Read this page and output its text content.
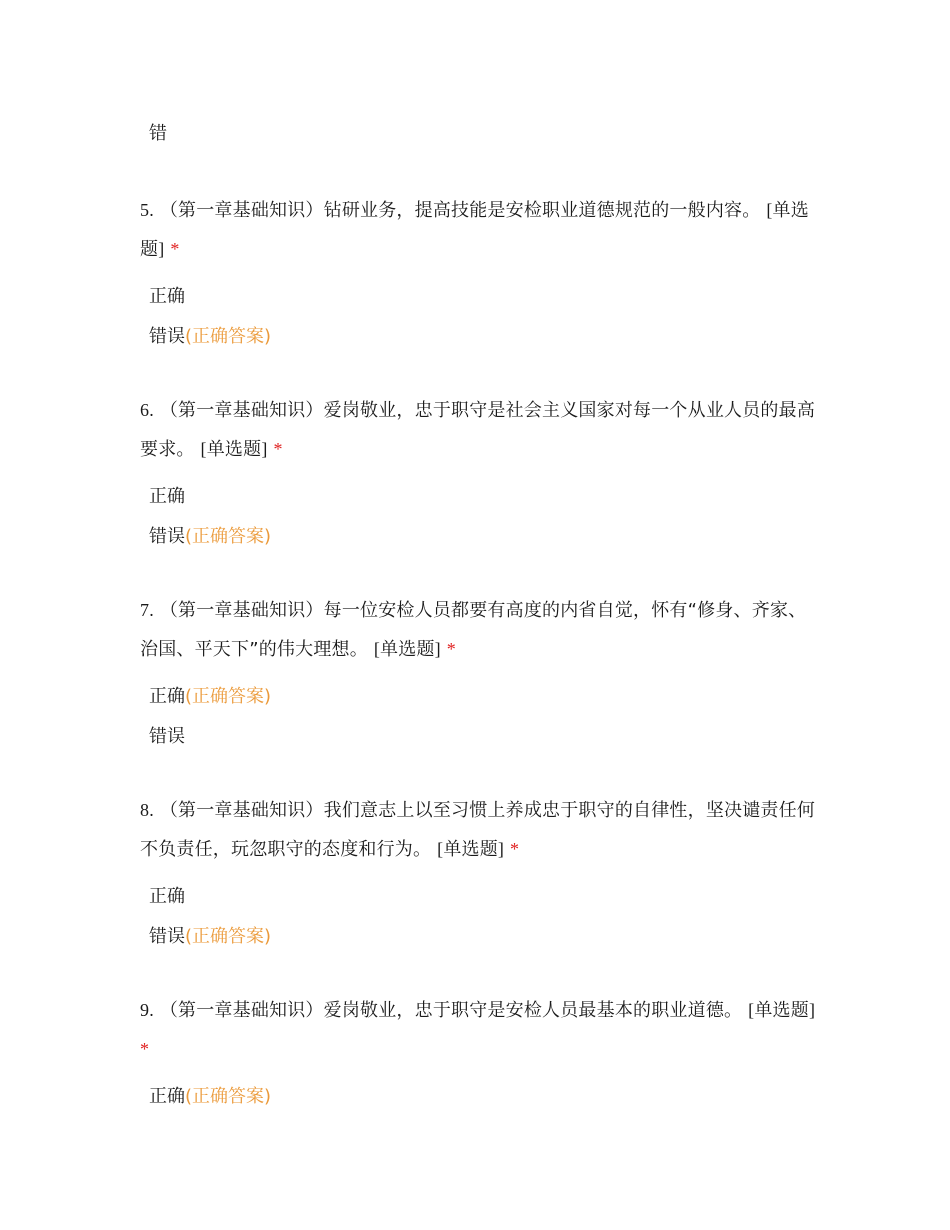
错

5. （第一章基础知识）钻研业务，提高技能是安检职业道德规范的一般内容。 [单选题] *

正确
错误(正确答案)

6. （第一章基础知识）爱岗敬业，忠于职守是社会主义国家对每一个从业人员的最高要求。 [单选题] *

正确
错误(正确答案)

7. （第一章基础知识）每一位安检人员都要有高度的内省自觉，怀有“修身、齐家、治国、平天下”的伟大理想。 [单选题] *

正确(正确答案)
错误

8. （第一章基础知识）我们意志上以至习惯上养成忠于职守的自律性，坚决谴责任何不负责任，玩忽职守的态度和行为。 [单选题] *

正确
错误(正确答案)

9. （第一章基础知识）爱岗敬业，忠于职守是安检人员最基本的职业道德。 [单选题] *

正确(正确答案)
